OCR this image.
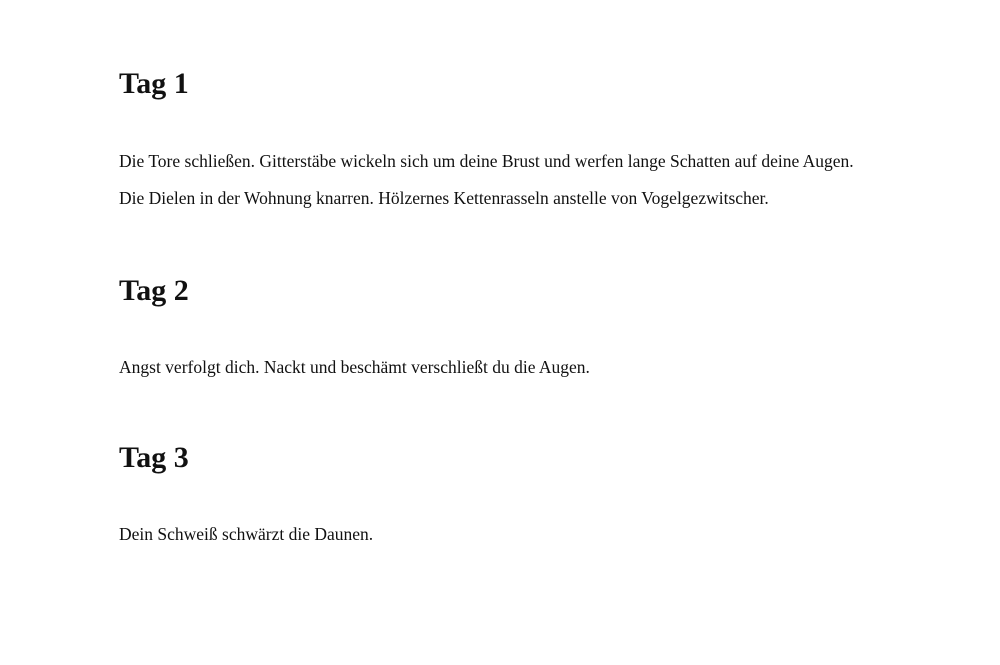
Tag 1

Die Tore schließen. Gitterstäbe wickeln sich um deine Brust und werfen lange Schatten auf deine Augen. Die Dielen in der Wohnung knarren. Hölzernes Kettenrasseln anstelle von Vogelgezwitscher.

Tag 2

Angst verfolgt dich. Nackt und beschämt verschließt du die Augen.

Tag 3

Dein Schweiß schwärzt die Daunen.
